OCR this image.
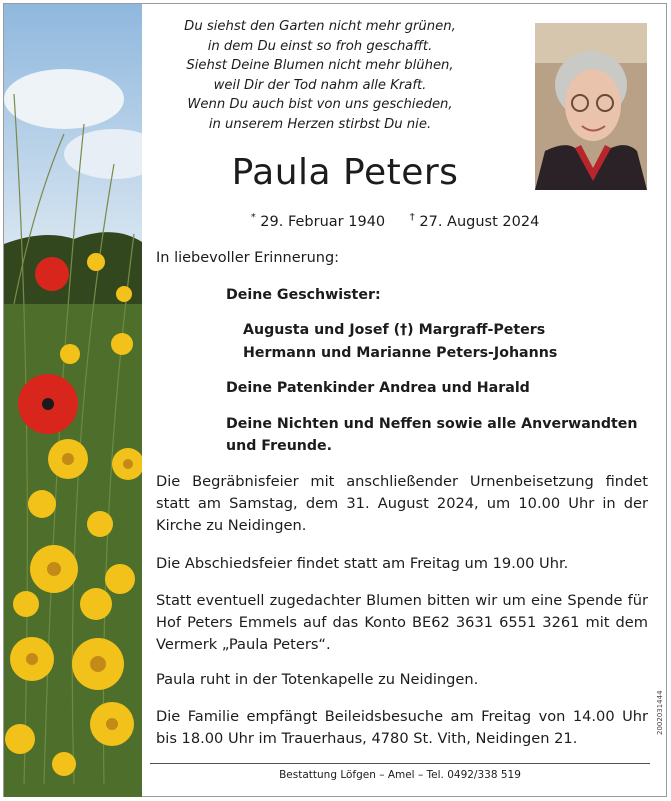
Du siehst den Garten nicht mehr grünen,
in dem Du einst so froh geschafft.
Siehst Deine Blumen nicht mehr blühen,
weil Dir der Tod nahm alle Kraft.
Wenn Du auch bist von uns geschieden,
in unserem Herzen stirbst Du nie.
Paula Peters
* 29. Februar 1940 † 27. August 2024
In liebevoller Erinnerung:
Deine Geschwister:
Augusta und Josef (†) Margraff-Peters
Hermann und Marianne Peters-Johanns
Deine Patenkinder Andrea und Harald
Deine Nichten und Neffen sowie alle Anverwandten
und Freunde.
Die Begräbnisfeier mit anschließender Urnenbeisetzung findet statt am Samstag, dem 31. August 2024, um 10.00 Uhr in der Kirche zu Neidingen.
Die Abschiedsfeier findet statt am Freitag um 19.00 Uhr.
Statt eventuell zugedachter Blumen bitten wir um eine Spende für Hof Peters Emmels auf das Konto BE62 3631 6551 3261 mit dem Vermerk „Paula Peters“.
Paula ruht in der Totenkapelle zu Neidingen.
Die Familie empfängt Beileidsbesuche am Freitag von 14.00 Uhr bis 18.00 Uhr im Trauerhaus, 4780 St. Vith, Neidingen 21.
Bestattung Löfgen – Amel – Tel. 0492/338 519
2002031444
